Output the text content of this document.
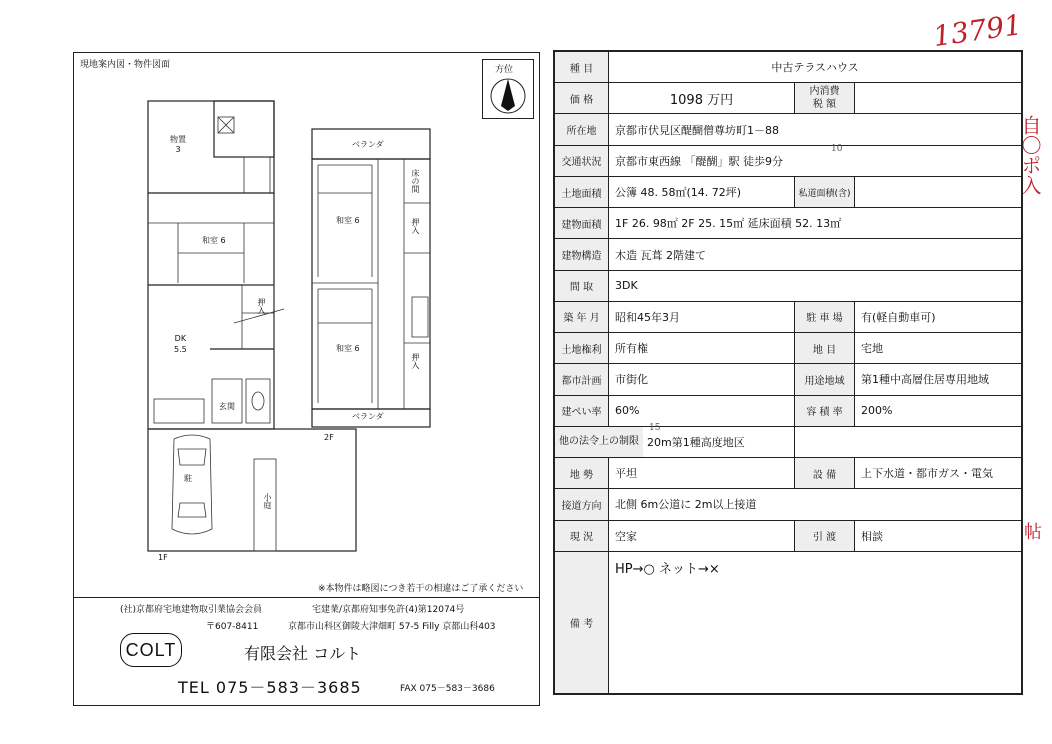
13791
自〇ポ入
帖
現地案内図・物件図面	方位
物置
3
和室 6
DK
5.5
押入
玄関
駐
小庭
1F
ベランダ
和室 6
和室 6
床の間
押入
押入
ベランダ
2F
※本物件は略図につき若干の相違はご了承ください
(社)京都府宅地建物取引業協会会員	宅建業/京都府知事免許(4)第12074号
〒607-8411	京都市山科区御陵大津畑町 57-5 Filly 京都山科403
COLT	有限会社 コルト
TEL 075－583－3685	FAX 075－583－3686
種 目	中古テラスハウス		
価 格	1098 万円	内消費
税 額	
所在地	京都市伏見区醍醐僧尊坊町1－88		
交通状況	京都市東西線 「醍醐」駅 徒歩9分
10		

土地面積	公簿 48. 58㎡(14. 72坪)	私道面積(含)	
建物面積	1F 26. 98㎡ 2F 25. 15㎡ 延床面積 52. 13㎡		
建物構造	木造 瓦葺 2階建て		
間 取	3DK		
築 年 月	昭和45年3月	駐 車 場	有(軽自動車可)
土地権利	所有権	地 目	宅地
都市計画	市街化	用途地域	第1種中高層住居専用地域
建ぺい率	60%	容 積 率	200%

他の法令上の制限 20m第1種高度地区
15			

地 勢	平坦	設 備	上下水道・都市ガス・電気
接道方向	北側 6m公道に 2m以上接道		
現 況	空家	引 渡	相談
備 考	HP→○ ネット→×		
